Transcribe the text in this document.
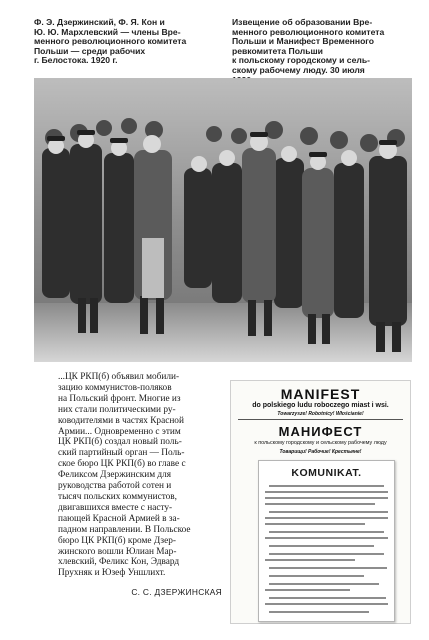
Ф. Э. Дзержинский, Ф. Я. Кон и
Ю. Ю. Мархлевский — члены Вре-
менного революционного комитета
Польши — среди рабочих
г. Белостока. 1920 г.
Извещение об образовании Вре-
менного революционного комитета
Польши и Манифест Временного
ревкомитета Польши
к польскому городскому и сель-
скому рабочему люду. 30 июля

...ЦК РКП(б) объявил мобили-
зацию коммунистов-поляков
на Польский фронт. Многие из
них стали политическими ру-
ководителями в частях Красной
Армии... Одновременно с этим
ЦК РКП(б) создал новый поль-
ский партийный орган — Поль-
ское бюро ЦК РКП(б) во главе с
Феликсом Дзержинским для
руководства работой сотен и
тысяч польских коммунистов,
двигавшихся вместе с насту-
пающей Красной Армией в за-
падном направлении. В Польское
бюро ЦК РКП(б) кроме Дзер-
жинского вошли Юлиан Мар-
хлевский, Феликс Кон, Эдвард
Прухняк и Юзеф Уншлихт.
С. С. ДЗЕРЖИНСКАЯ
MANIFEST
do polskiego ludu roboczego miast i wsi.
Towarzysze! Robotnicy! Włościanie!
МАНИФЕСТ
к польскому городскому и сельскому рабочему люду
Товарищи! Рабочие! Крестьяне!
KOMUNIKAT.
